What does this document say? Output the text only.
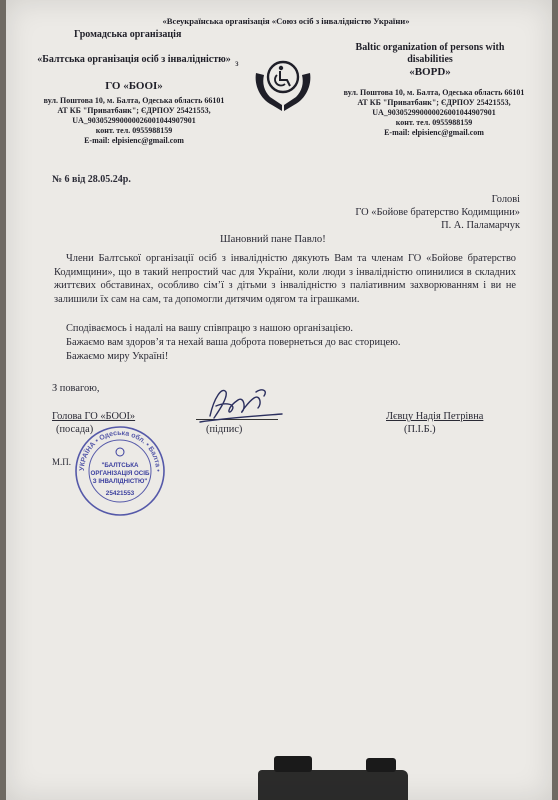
«Всеукраїнська організація «Союз осіб з інвалідністю України»

Громадська організація

«Балтська організація осіб з інвалідністю»

ГО «БООІ»

вул. Поштова 10, м. Балта, Одеська область 66101
АТ КБ "Приватбанк"; ЄДРПОУ 25421553,
UA_903052990000026001044907901
конт. тел. 0955988159
E-mail: elpisienc@gmail.com
з

Baltic organization of persons with disabilities

«BOPD»

вул. Поштова 10, м. Балта, Одеська область 66101
АТ КБ "Приватбанк"; ЄДРПОУ 25421553,
UA_903052990000026001044907901
конт. тел. 0955988159
E-mail: elpisienc@gmail.com

№ 6 від 28.05.24р.

Голові
ГО «Бойове братерство Кодимщини»
П. А. Паламарчук

Шановний пане Павло!

Члени Балтської організації осіб з інвалідністю дякують Вам та членам ГО «Бойове братерство Кодимщини», що в такий непростий час для України, коли люди з інвалідністю опинилися в складних життєвих обставинах, особливо сім’ї з дітьми з інвалідністю з паліативним захворюванням і ви не залишили їх сам на сам, та допомогли дитячим одягом та іграшками.

Сподіваємось і надалі на вашу співпрацю з нашою організацією.

Бажаємо вам здоров’я та нехай ваша доброта повернеться до вас сторицею.

Бажаємо миру Україні!

З повагою,

Голова ГО «БООІ»

(посада)	(підпис)

Лєвцу Надія Петрівна

(П.І.Б.)

М.П.

УКРАЇНА • Одеська обл. • Балта •
"БАЛТСЬКА
ОРГАНІЗАЦІЯ ОСІБ
З ІНВАЛІДНІСТЮ"
25421553
